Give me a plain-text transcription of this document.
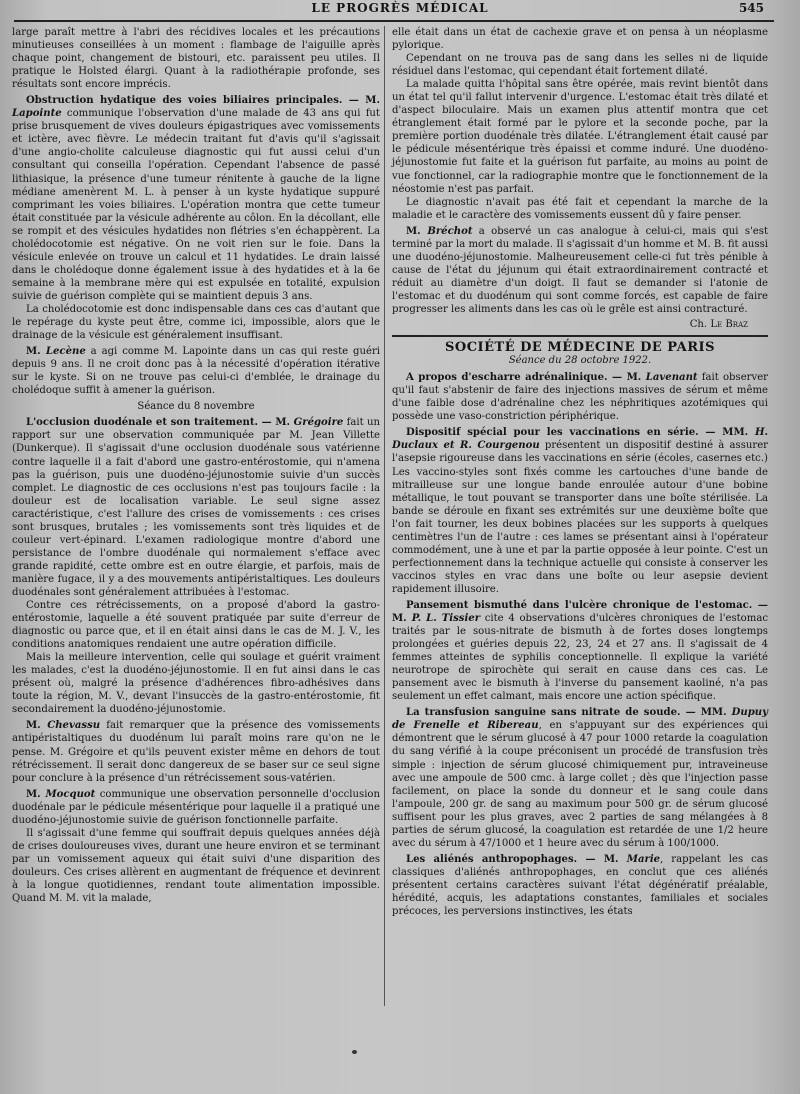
LE PROGRÈS MÉDICAL	545

large paraît mettre à l'abri des récidives locales et les précautions minutieuses conseillées à un moment : flambage de l'aiguille après chaque point, changement de bistouri, etc. paraissent peu utiles. Il pratique le Holsted élargi. Quant à la radiothérapie profonde, ses résultats sont encore imprécis.

Obstruction hydatique des voies biliaires principales. — M. Lapointe communique l'observation d'une malade de 43 ans qui fut prise brusquement de vives douleurs épigastriques avec vomissements et ictère, avec fièvre. Le médecin traitant fut d'avis qu'il s'agissait d'une angio-cholite calculeuse diagnostic qui fut aussi celui d'un consultant qui conseilla l'opération. Cependant l'absence de passé lithiasique, la présence d'une tumeur rénitente à gauche de la ligne médiane amenèrent M. L. à penser à un kyste hydatique suppuré comprimant les voies biliaires. L'opération montra que cette tumeur était constituée par la vésicule adhérente au côlon. En la décollant, elle se rompit et des vésicules hydatides non flétries s'en échappèrent. La cholédocotomie est négative. On ne voit rien sur le foie. Dans la vésicule enlevée on trouve un calcul et 11 hydatides. Le drain laissé dans le cholédoque donne également issue à des hydatides et à la 6e semaine à la membrane mère qui est expulsée en totalité, expulsion suivie de guérison complète qui se maintient depuis 3 ans.

La cholédocotomie est donc indispensable dans ces cas d'autant que le repérage du kyste peut être, comme ici, impossible, alors que le drainage de la vésicule est généralement insuffisant.

M. Lecène a agi comme M. Lapointe dans un cas qui reste guéri depuis 9 ans. Il ne croit donc pas à la nécessité d'opération itérative sur le kyste. Si on ne trouve pas celui-ci d'emblée, le drainage du cholédoque suffit à amener la guérison.

Séance du 8 novembre

L'occlusion duodénale et son traitement. — M. Grégoire fait un rapport sur une observation communiquée par M. Jean Villette (Dunkerque). Il s'agissait d'une occlusion duodénale sous vatérienne contre laquelle il a fait d'abord une gastro-entérostomie, qui n'amena pas la guérison, puis une duodéno-jéjunostomie suivie d'un succès complet. Le diagnostic de ces occlusions n'est pas toujours facile : la douleur est de localisation variable. Le seul signe assez caractéristique, c'est l'allure des crises de vomissements : ces crises sont brusques, brutales ; les vomissements sont très liquides et de couleur vert-épinard. L'examen radiologique montre d'abord une persistance de l'ombre duodénale qui normalement s'efface avec grande rapidité, cette ombre est en outre élargie, et parfois, mais de manière fugace, il y a des mouvements antipéristaltiques. Les douleurs duodénales sont généralement attribuées à l'estomac.

Contre ces rétrécissements, on a proposé d'abord la gastro-entérostomie, laquelle a été souvent pratiquée par suite d'erreur de diagnostic ou parce que, et il en était ainsi dans le cas de M. J. V., les conditions anatomiques rendaient une autre opération difficile.

Mais la meilleure intervention, celle qui soulage et guérit vraiment les malades, c'est la duodéno-jéjunostomie. Il en fut ainsi dans le cas présent où, malgré la présence d'adhérences fibro-adhésives dans toute la région, M. V., devant l'insuccès de la gastro-entérostomie, fit secondairement la duodéno-jéjunostomie.

M. Chevassu fait remarquer que la présence des vomissements antipéristaltiques du duodénum lui paraît moins rare qu'on ne le pense. M. Grégoire et qu'ils peuvent exister même en dehors de tout rétrécissement. Il serait donc dangereux de se baser sur ce seul signe pour conclure à la présence d'un rétrécissement sous-vatérien.

M. Mocquot communique une observation personnelle d'occlusion duodénale par le pédicule mésentérique pour laquelle il a pratiqué une duodéno-jéjunostomie suivie de guérison fonctionnelle parfaite.

Il s'agissait d'une femme qui souffrait depuis quelques années déjà de crises douloureuses vives, durant une heure environ et se terminant par un vomissement aqueux qui était suivi d'une disparition des douleurs. Ces crises allèrent en augmentant de fréquence et devinrent à la longue quotidiennes, rendant toute alimentation impossible. Quand M. M. vit la malade,

elle était dans un état de cachexie grave et on pensa à un néoplasme pylorique.

Cependant on ne trouva pas de sang dans les selles ni de liquide résiduel dans l'estomac, qui cependant était fortement dilaté.

La malade quitta l'hôpital sans être opérée, mais revint bientôt dans un état tel qu'il fallut intervenir d'urgence. L'estomac était très dilaté et d'aspect biloculaire. Mais un examen plus attentif montra que cet étranglement était formé par le pylore et la seconde poche, par la première portion duodénale très dilatée. L'étranglement était causé par le pédicule mésentérique très épaissi et comme induré. Une duodéno-jéjunostomie fut faite et la guérison fut parfaite, au moins au point de vue fonctionnel, car la radiographie montre que le fonctionnement de la néostomie n'est pas parfait.

Le diagnostic n'avait pas été fait et cependant la marche de la maladie et le caractère des vomissements eussent dû y faire penser.

M. Bréchot a observé un cas analogue à celui-ci, mais qui s'est terminé par la mort du malade. Il s'agissait d'un homme et M. B. fit aussi une duodéno-jéjunostomie. Malheureusement celle-ci fut très pénible à cause de l'état du jéjunum qui était extraordinairement contracté et réduit au diamètre d'un doigt. Il faut se demander si l'atonie de l'estomac et du duodénum qui sont comme forcés, est capable de faire progresser les aliments dans les cas où le grêle est ainsi contracturé.

Ch. Le Braz
SOCIÉTÉ DE MÉDECINE DE PARIS
Séance du 28 octobre 1922.

A propos d'escharre adrénalinique. — M. Lavenant fait observer qu'il faut s'abstenir de faire des injections massives de sérum et même d'une faible dose d'adrénaline chez les néphritiques azotémiques qui possède une vaso-constriction périphérique.

Dispositif spécial pour les vaccinations en série. — MM. H. Duclaux et R. Courgenou présentent un dispositif destiné à assurer l'asepsie rigoureuse dans les vaccinations en série (écoles, casernes etc.) Les vaccino-styles sont fixés comme les cartouches d'une bande de mitrailleuse sur une longue bande enroulée autour d'une bobine métallique, le tout pouvant se transporter dans une boîte stérilisée. La bande se déroule en fixant ses extrémités sur une deuxième boîte que l'on fait tourner, les deux bobines placées sur les supports à quelques centimètres l'un de l'autre : ces lames se présentant ainsi à l'opérateur commodément, une à une et par la partie opposée à leur pointe. C'est un perfectionnement dans la technique actuelle qui consiste à conserver les vaccinos styles en vrac dans une boîte ou leur asepsie devient rapidement illusoire.

Pansement bismuthé dans l'ulcère chronique de l'estomac. — M. P. L. Tissier cite 4 observations d'ulcères chroniques de l'estomac traités par le sous-nitrate de bismuth à de fortes doses longtemps prolongées et guéries depuis 22, 23, 24 et 27 ans. Il s'agissait de 4 femmes atteintes de syphilis conceptionnelle. Il explique la variété neurotrope de spirochète qui serait en cause dans ces cas. Le pansement avec le bismuth à l'inverse du pansement kaoliné, n'a pas seulement un effet calmant, mais encore une action spécifique.

La transfusion sanguine sans nitrate de soude. — MM. Dupuy de Frenelle et Ribereau, en s'appuyant sur des expériences qui démontrent que le sérum glucosé à 47 pour 1000 retarde la coagulation du sang vérifié à la coupe préconisent un procédé de transfusion très simple : injection de sérum glucosé chimiquement pur, intraveineuse avec une ampoule de 500 cmc. à large collet ; dès que l'injection passe facilement, on place la sonde du donneur et le sang coule dans l'ampoule, 200 gr. de sang au maximum pour 500 gr. de sérum glucosé suffisent pour les plus graves, avec 2 parties de sang mélangées à 8 parties de sérum glucosé, la coagulation est retardée de une 1/2 heure avec du sérum à 47/1000 et 1 heure avec du sérum à 100/1000.

Les aliénés anthropophages. — M. Marie, rappelant les cas classiques d'aliénés anthropophages, en conclut que ces aliénés présentent certains caractères suivant l'état dégénératif préalable, hérédité, acquis, les adaptations constantes, familiales et sociales précoces, les perversions instinctives, les états
